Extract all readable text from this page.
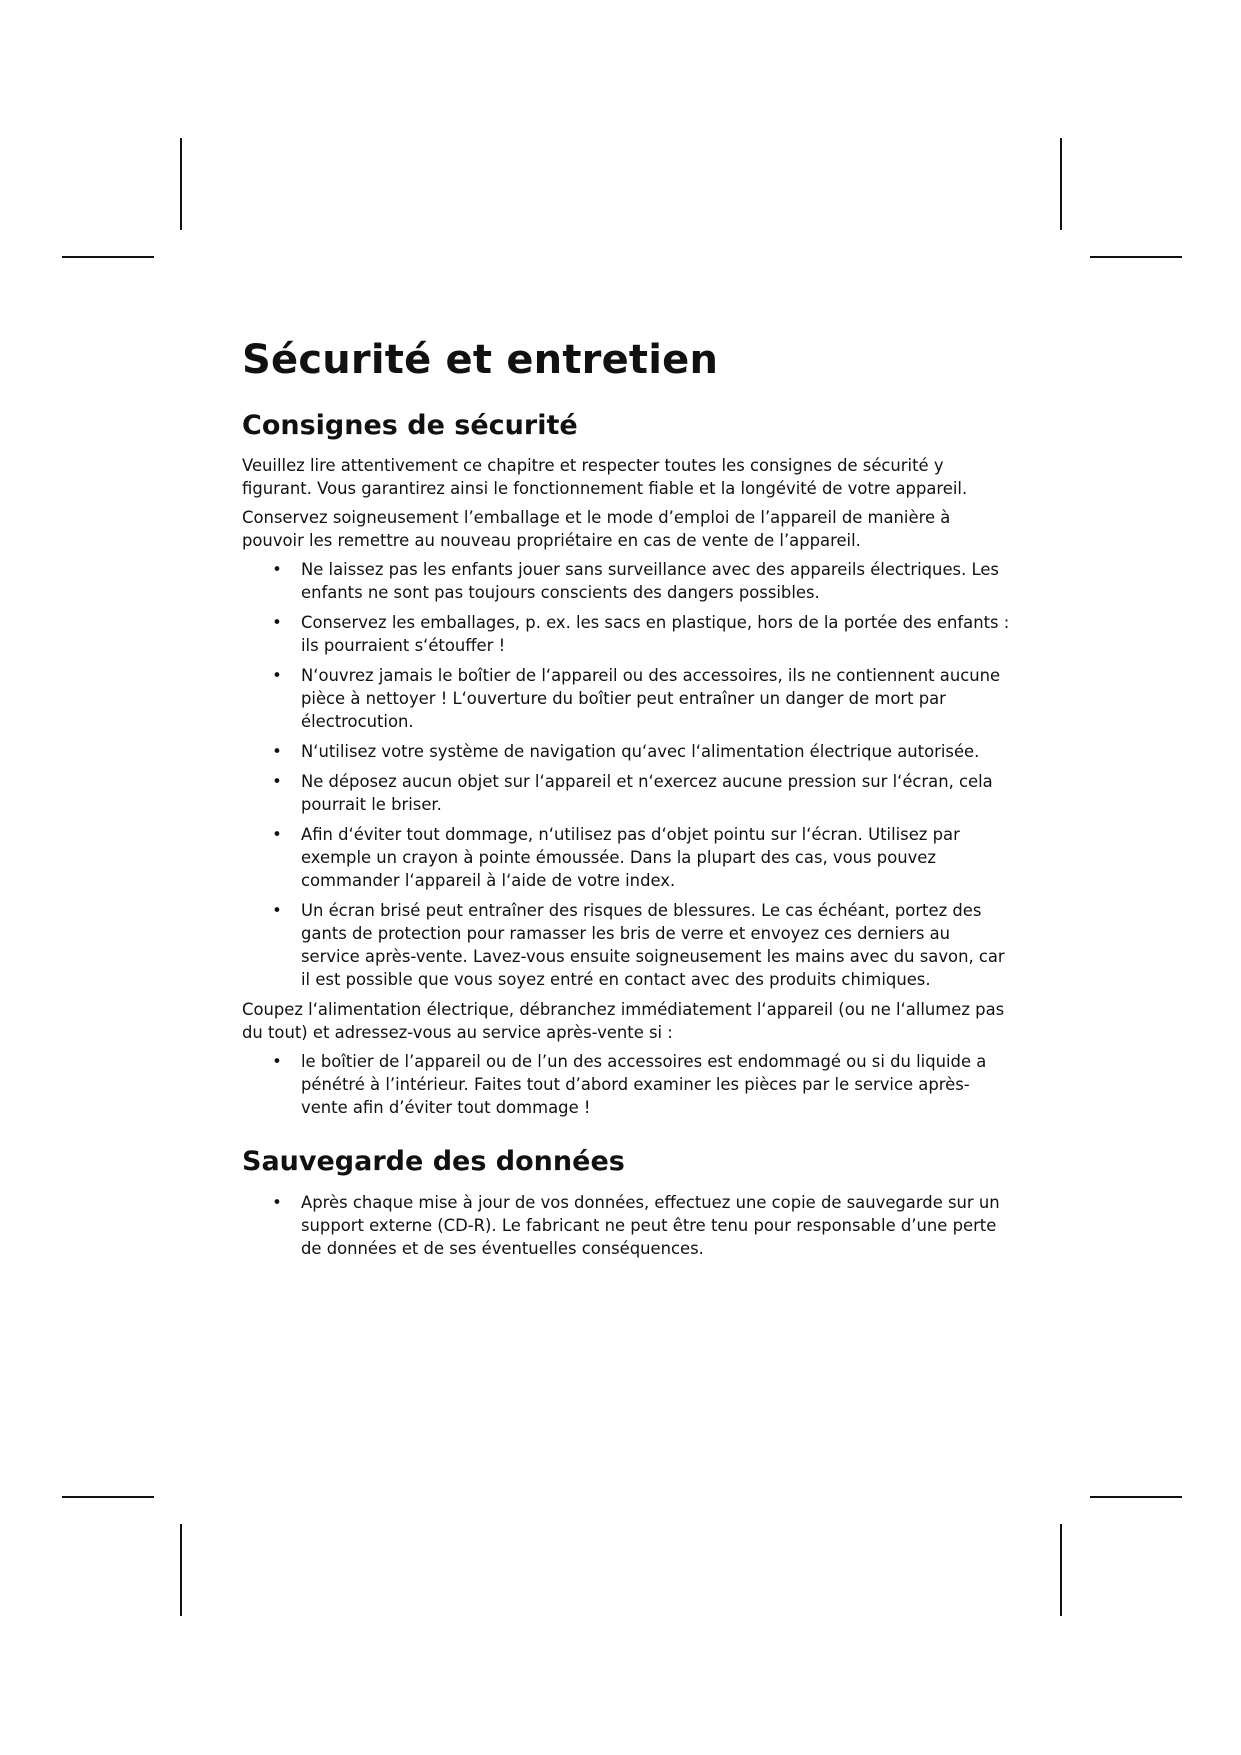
Sécurité et entretien
Consignes de sécurité

Veuillez lire attentivement ce chapitre et respecter toutes les consignes de sécurité y figurant. Vous garantirez ainsi le fonctionnement fiable et la longévité de votre appareil.

Conservez soigneusement l’emballage et le mode d’emploi de l’appareil de manière à pouvoir les remettre au nouveau propriétaire en cas de vente de l’appareil.

• Ne laissez pas les enfants jouer sans surveillance avec des appareils électriques. Les enfants ne sont pas toujours conscients des dangers possibles.
• Conservez les emballages, p. ex. les sacs en plastique, hors de la portée des enfants : ils pourraient s‘étouffer !
• N‘ouvrez jamais le boîtier de l‘appareil ou des accessoires, ils ne contiennent aucune pièce à nettoyer ! L‘ouverture du boîtier peut entraîner un danger de mort par électrocution.
• N‘utilisez votre système de navigation qu‘avec l‘alimentation électrique autorisée.
• Ne déposez aucun objet sur l‘appareil et n‘exercez aucune pression sur l‘écran, cela pourrait le briser.
• Afin d‘éviter tout dommage, n‘utilisez pas d‘objet pointu sur l‘écran. Utilisez par exemple un crayon à pointe émoussée. Dans la plupart des cas, vous pouvez commander l‘appareil à l‘aide de votre index.
• Un écran brisé peut entraîner des risques de blessures. Le cas échéant, portez des gants de protection pour ramasser les bris de verre et envoyez ces derniers au service après-vente. Lavez-vous ensuite soigneusement les mains avec du savon, car il est possible que vous soyez entré en contact avec des produits chimiques.

Coupez l‘alimentation électrique, débranchez immédiatement l‘appareil (ou ne l‘allumez pas du tout) et adressez-vous au service après-vente si :

• le boîtier de l’appareil ou de l’un des accessoires est endommagé ou si du liquide a pénétré à l’intérieur. Faites tout d’abord examiner les pièces par le service après-vente afin d’éviter tout dommage !
Sauvegarde des données
• Après chaque mise à jour de vos données, effectuez une copie de sauvegarde sur un support externe (CD-R). Le fabricant ne peut être tenu pour responsable d’une perte de données et de ses éventuelles conséquences.
